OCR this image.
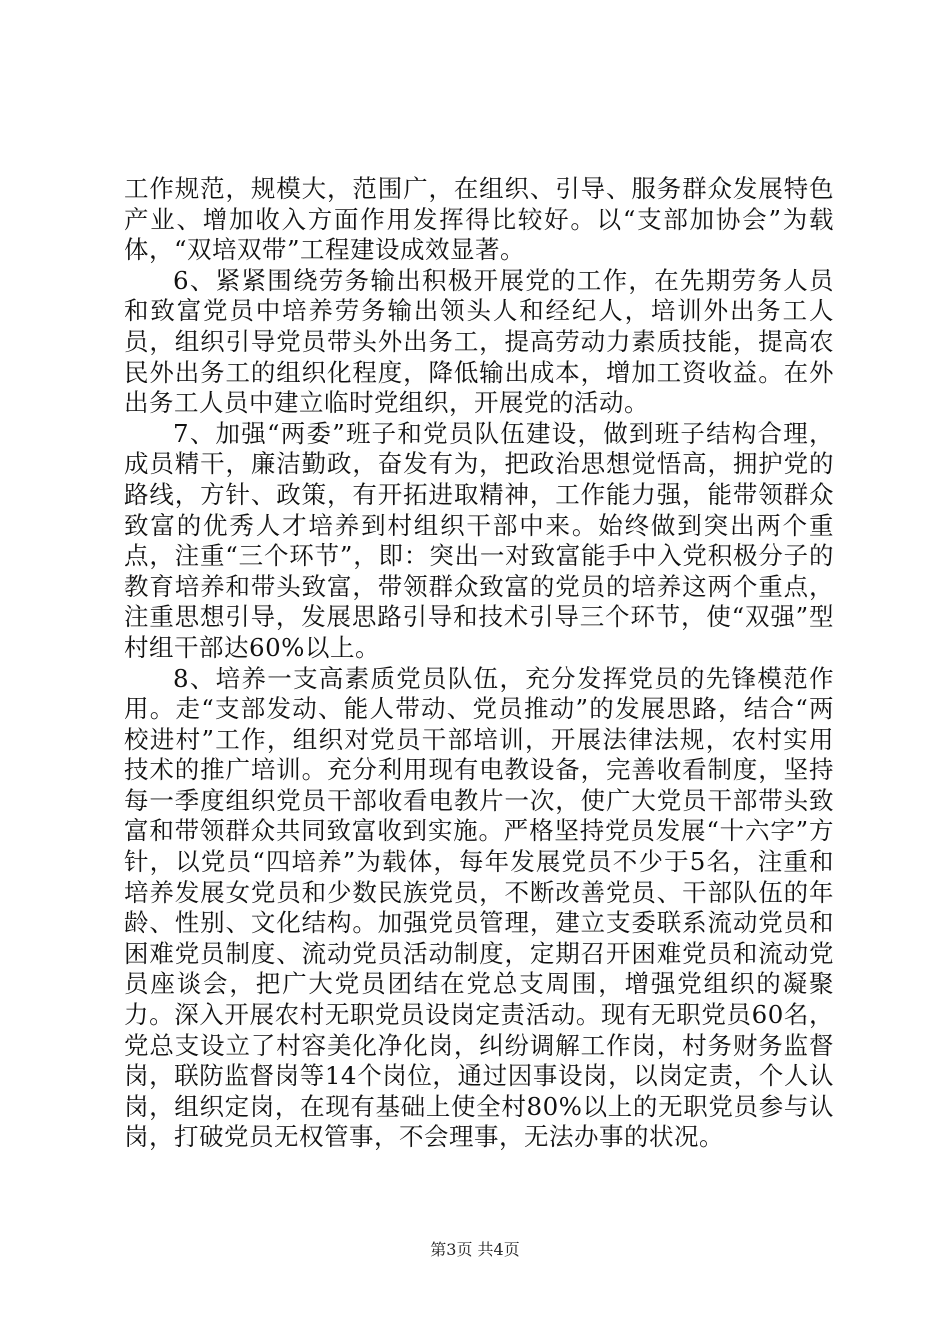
工作规范，规模大，范围广，在组织、引导、服务群众发展特色产业、增加收入方面作用发挥得比较好。以“支部加协会”为载体，“双培双带”工程建设成效显著。

6、紧紧围绕劳务输出积极开展党的工作，在先期劳务人员和致富党员中培养劳务输出领头人和经纪人，培训外出务工人员，组织引导党员带头外出务工，提高劳动力素质技能，提高农民外出务工的组织化程度，降低输出成本，增加工资收益。在外出务工人员中建立临时党组织，开展党的活动。

7、加强“两委”班子和党员队伍建设，做到班子结构合理，成员精干，廉洁勤政，奋发有为，把政治思想觉悟高，拥护党的路线，方针、政策，有开拓进取精神，工作能力强，能带领群众致富的优秀人才培养到村组织干部中来。始终做到突出两个重点，注重“三个环节”，即：突出一对致富能手中入党积极分子的教育培养和带头致富，带领群众致富的党员的培养这两个重点，注重思想引导，发展思路引导和技术引导三个环节，使“双强”型村组干部达60%以上。

8、培养一支高素质党员队伍，充分发挥党员的先锋模范作用。走“支部发动、能人带动、党员推动”的发展思路，结合“两校进村”工作，组织对党员干部培训，开展法律法规，农村实用技术的推广培训。充分利用现有电教设备，完善收看制度，坚持每一季度组织党员干部收看电教片一次，使广大党员干部带头致富和带领群众共同致富收到实施。严格坚持党员发展“十六字”方针，以党员“四培养”为载体，每年发展党员不少于5名，注重和培养发展女党员和少数民族党员，不断改善党员、干部队伍的年龄、性别、文化结构。加强党员管理，建立支委联系流动党员和困难党员制度、流动党员活动制度，定期召开困难党员和流动党员座谈会，把广大党员团结在党总支周围，增强党组织的凝聚力。深入开展农村无职党员设岗定责活动。现有无职党员60名，党总支设立了村容美化净化岗，纠纷调解工作岗，村务财务监督岗，联防监督岗等14个岗位，通过因事设岗，以岗定责，个人认岗，组织定岗，在现有基础上使全村80%以上的无职党员参与认岗，打破党员无权管事，不会理事，无法办事的状况。

第3页 共4页
